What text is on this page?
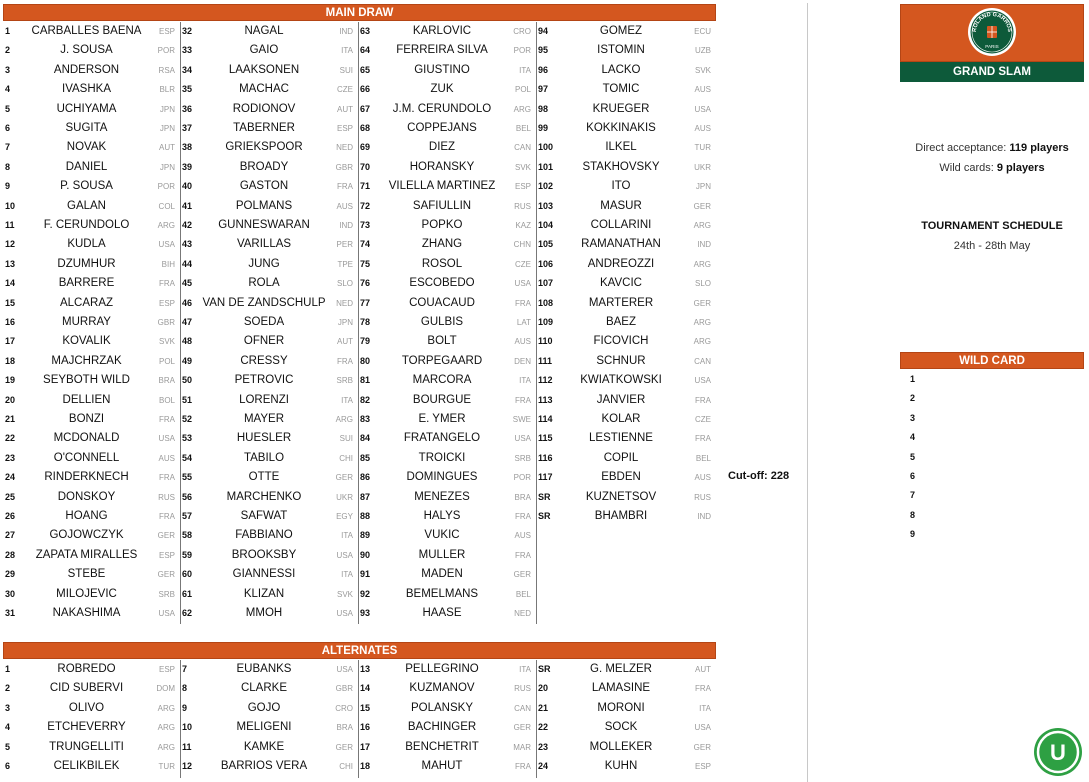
MAIN DRAW
1	CARBALLES BAENA	ESP
2	J. SOUSA	POR
3	ANDERSON	RSA
4	IVASHKA	BLR
5	UCHIYAMA	JPN
6	SUGITA	JPN
7	NOVAK	AUT
8	DANIEL	JPN
9	P. SOUSA	POR
10	GALAN	COL
11	F. CERUNDOLO	ARG
12	KUDLA	USA
13	DZUMHUR	BIH
14	BARRERE	FRA
15	ALCARAZ	ESP
16	MURRAY	GBR
17	KOVALIK	SVK
18	MAJCHRZAK	POL
19	SEYBOTH WILD	BRA
20	DELLIEN	BOL
21	BONZI	FRA
22	MCDONALD	USA
23	O'CONNELL	AUS
24	RINDERKNECH	FRA
25	DONSKOY	RUS
26	HOANG	FRA
27	GOJOWCZYK	GER
28	ZAPATA MIRALLES	ESP
29	STEBE	GER
30	MILOJEVIC	SRB
31	NAKASHIMA	USA
32	NAGAL	IND
33	GAIO	ITA
34	LAAKSONEN	SUI
35	MACHAC	CZE
36	RODIONOV	AUT
37	TABERNER	ESP
38	GRIEKSPOOR	NED
39	BROADY	GBR
40	GASTON	FRA
41	POLMANS	AUS
42	GUNNESWARAN	IND
43	VARILLAS	PER
44	JUNG	TPE
45	ROLA	SLO
46 VAN DE ZANDSCHULP	NED
47	SOEDA	JPN
48	OFNER	AUT
49	CRESSY	FRA
50	PETROVIC	SRB
51	LORENZI	ITA
52	MAYER	ARG
53	HUESLER	SUI
54	TABILO	CHI
55	OTTE	GER
56	MARCHENKO	UKR
57	SAFWAT	EGY
58	FABBIANO	ITA
59	BROOKSBY	USA
60	GIANNESSI	ITA
61	KLIZAN	SVK
62	MMOH	USA
63	KARLOVIC	CRO
64	FERREIRA SILVA	POR
65	GIUSTINO	ITA
66	ZUK	POL
67	J.M. CERUNDOLO	ARG
68	COPPEJANS	BEL
69	DIEZ	CAN
70	HORANSKY	SVK
71	VILELLA MARTINEZ	ESP
72	SAFIULLIN	RUS
73	POPKO	KAZ
74	ZHANG	CHN
75	ROSOL	CZE
76	ESCOBEDO	USA
77	COUACAUD	FRA
78	GULBIS	LAT
79	BOLT	AUS
80	TORPEGAARD	DEN
81	MARCORA	ITA
82	BOURGUE	FRA
83	E. YMER	SWE
84	FRATANGELO	USA
85	TROICKI	SRB
86	DOMINGUES	POR
87	MENEZES	BRA
88	HALYS	FRA
89	VUKIC	AUS
90	MULLER	FRA
91	MADEN	GER
92	BEMELMANS	BEL
93	HAASE	NED
94	GOMEZ	ECU
95	ISTOMIN	UZB
96	LACKO	SVK
97	TOMIC	AUS
98	KRUEGER	USA
99	KOKKINAKIS	AUS
100	ILKEL	TUR
101	STAKHOVSKY	UKR
102	ITO	JPN
103	MASUR	GER
104	COLLARINI	ARG
105	RAMANATHAN	IND
106	ANDREOZZI	ARG
107	KAVCIC	SLO
108	MARTERER	GER
109	BAEZ	ARG
110	FICOVICH	ARG
111	SCHNUR	CAN
112	KWIATKOWSKI	USA
113	JANVIER	FRA
114	KOLAR	CZE
115	LESTIENNE	FRA
116	COPIL	BEL
117	EBDEN	AUS
SR	KUZNETSOV	RUS
SR	BHAMBRI	IND
ALTERNATES
1	ROBREDO	ESP
2	CID SUBERVI	DOM
3	OLIVO	ARG
4	ETCHEVERRY	ARG
5	TRUNGELLITI	ARG
6	CELIKBILEK	TUR
7	EUBANKS	USA
8	CLARKE	GBR
9	GOJO	CRO
10	MELIGENI	BRA
11	KAMKE	GER
12	BARRIOS VERA	CHI
13	PELLEGRINO	ITA
14	KUZMANOV	RUS
15	POLANSKY	CAN
16	BACHINGER	GER
17	BENCHETRIT	MAR
18	MAHUT	FRA
SR	G. MELZER	AUT
20	LAMASINE	FRA
21	MORONI	ITA
22	SOCK	USA
23	MOLLEKER	GER
24	KUHN	ESP
Cut-off: 228
ROLAND GARROS
PARIS
GRAND SLAM
Direct acceptance: 119 players
Wild cards: 9 players
TOURNAMENT SCHEDULE
24th - 28th May
WILD CARD
1
2
3
4
5
6
7
8
9
U
